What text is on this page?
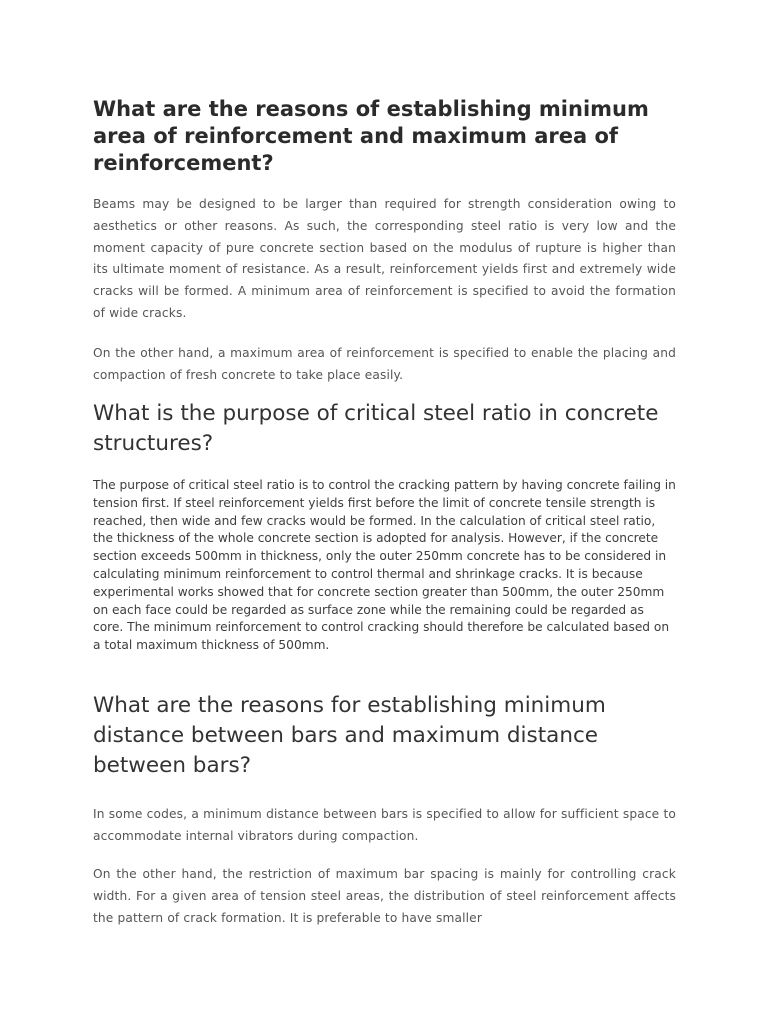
What are the reasons of establishing minimum area of reinforcement and maximum area of reinforcement?

Beams may be designed to be larger than required for strength consideration owing to aesthetics or other reasons. As such, the corresponding steel ratio is very low and the moment capacity of pure concrete section based on the modulus of rupture is higher than its ultimate moment of resistance. As a result, reinforcement yields first and extremely wide cracks will be formed. A minimum area of reinforcement is specified to avoid the formation of wide cracks.

On the other hand, a maximum area of reinforcement is specified to enable the placing and compaction of fresh concrete to take place easily.

What is the purpose of critical steel ratio in concrete structures?

The purpose of critical steel ratio is to control the cracking pattern by having concrete failing in tension first. If steel reinforcement yields first before the limit of concrete tensile strength is reached, then wide and few cracks would be formed. In the calculation of critical steel ratio, the thickness of the whole concrete section is adopted for analysis. However, if the concrete section exceeds 500mm in thickness, only the outer 250mm concrete has to be considered in calculating minimum reinforcement to control thermal and shrinkage cracks. It is because experimental works showed that for concrete section greater than 500mm, the outer 250mm on each face could be regarded as surface zone while the remaining could be regarded as core. The minimum reinforcement to control cracking should therefore be calculated based on a total maximum thickness of 500mm.

What are the reasons for establishing minimum distance between bars and maximum distance between bars?

In some codes, a minimum distance between bars is specified to allow for sufficient space to accommodate internal vibrators during compaction.

On the other hand, the restriction of maximum bar spacing is mainly for controlling crack width. For a given area of tension steel areas, the distribution of steel reinforcement affects the pattern of crack formation. It is preferable to have smaller
